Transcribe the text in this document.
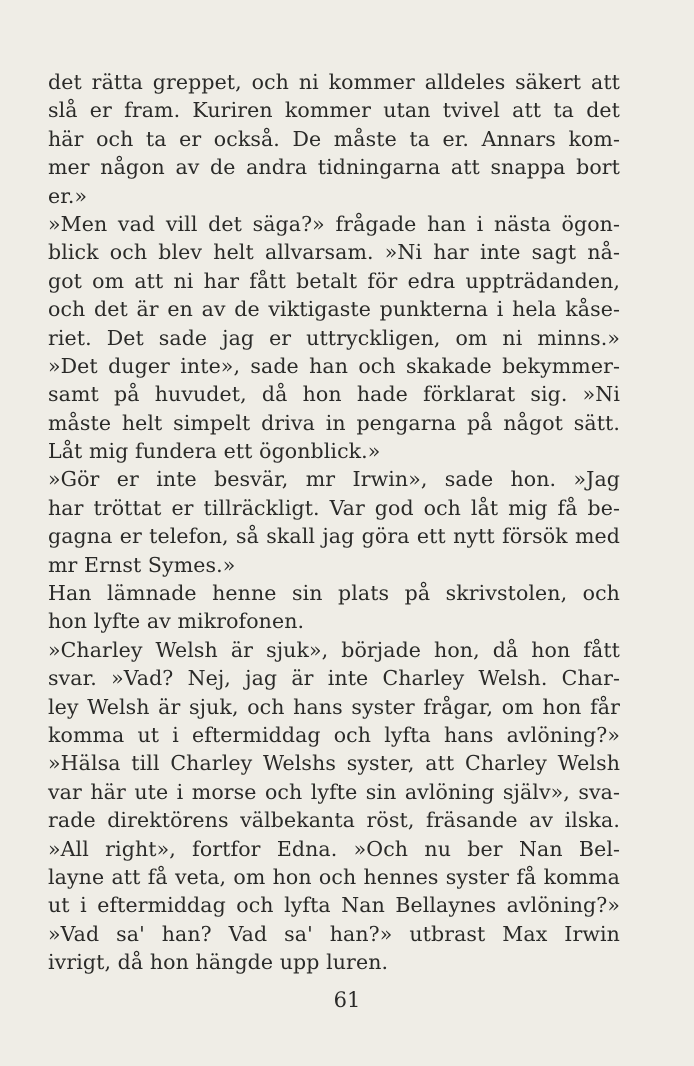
det rätta greppet, och ni kommer alldeles säkert att
slå er fram. Kuriren kommer utan tvivel att ta det
här och ta er också. De måste ta er. Annars kom-
mer någon av de andra tidningarna att snappa bort
er.»
»Men vad vill det säga?» frågade han i nästa ögon-
blick och blev helt allvarsam. »Ni har inte sagt nå-
got om att ni har fått betalt för edra uppträdanden,
och det är en av de viktigaste punkterna i hela kåse-
riet. Det sade jag er uttryckligen, om ni minns.»
»Det duger inte», sade han och skakade bekymmer-
samt på huvudet, då hon hade förklarat sig. »Ni
måste helt simpelt driva in pengarna på något sätt.
Låt mig fundera ett ögonblick.»
»Gör er inte besvär, mr Irwin», sade hon. »Jag
har tröttat er tillräckligt. Var god och låt mig få be-
gagna er telefon, så skall jag göra ett nytt försök med
mr Ernst Symes.»
Han lämnade henne sin plats på skrivstolen, och
hon lyfte av mikrofonen.
»Charley Welsh är sjuk», började hon, då hon fått
svar. »Vad? Nej, jag är inte Charley Welsh. Char-
ley Welsh är sjuk, och hans syster frågar, om hon får
komma ut i eftermiddag och lyfta hans avlöning?»
»Hälsa till Charley Welshs syster, att Charley Welsh
var här ute i morse och lyfte sin avlöning själv», sva-
rade direktörens välbekanta röst, fräsande av ilska.
»All right», fortfor Edna. »Och nu ber Nan Bel-
layne att få veta, om hon och hennes syster få komma
ut i eftermiddag och lyfta Nan Bellaynes avlöning?»
»Vad sa' han? Vad sa' han?» utbrast Max Irwin
ivrigt, då hon hängde upp luren.
61
